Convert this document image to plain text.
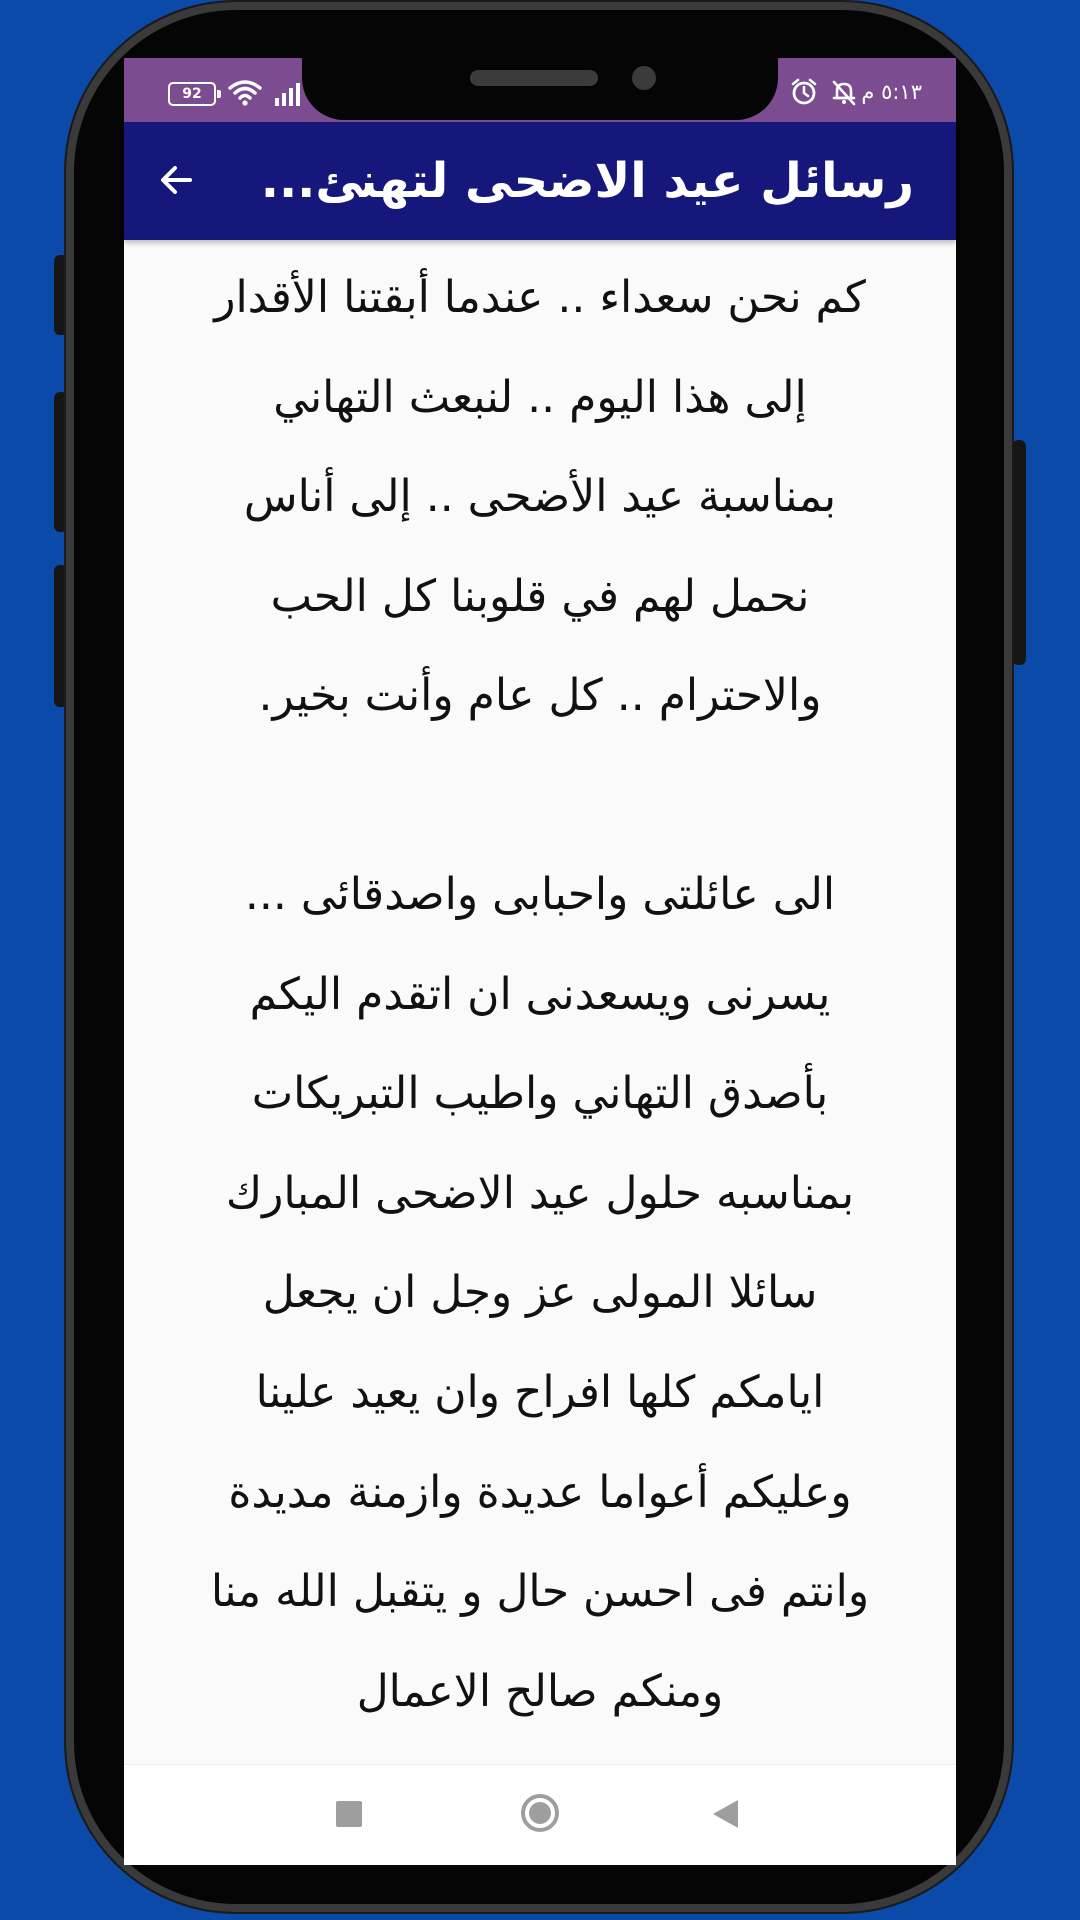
92	٥:١٣ م
رسائل عيد الاضحى لتهنئ...

كم نحن سعداء .. عندما أبقتنا الأقدار
إلى هذا اليوم .. لنبعث التهاني
بمناسبة عيد الأضحى .. إلى أناس
نحمل لهم في قلوبنا كل الحب
والاحترام .. كل عام وأنت بخير.

الى عائلتى واحبابى واصدقائى ...
يسرنى ويسعدنى ان اتقدم اليكم
بأصدق التهاني واطيب التبريكات
بمناسبه حلول عيد الاضحى المبارك
سائلا المولى عز وجل ان يجعل
ايامكم كلها افراح وان يعيد علينا
وعليكم أعواما عديدة وازمنة مديدة
وانتم فى احسن حال و يتقبل الله منا
ومنكم صالح الاعمال
